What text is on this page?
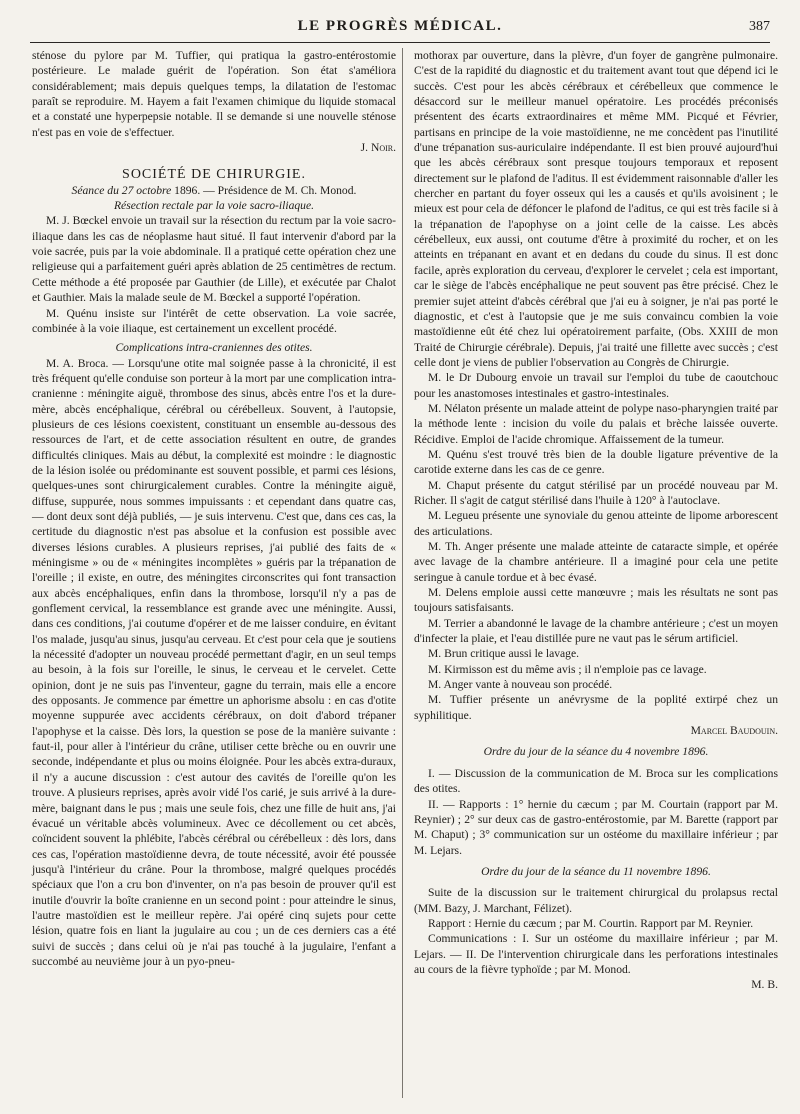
LE PROGRÈS MÉDICAL.	387

sténose du pylore par M. Tuffier, qui pratiqua la gastro-entérostomie postérieure. Le malade guérit de l'opération. Son état s'améliora considérablement; mais depuis quelques temps, la dilatation de l'estomac paraît se reproduire. M. Hayem a fait l'examen chimique du liquide stomacal et a constaté une hyperpepsie notable. Il se demande si une nouvelle sténose n'est pas en voie de s'effectuer.

J. Noir.

SOCIÉTÉ DE CHIRURGIE.

Séance du 27 octobre 1896. — Présidence de M. Ch. Monod.

Résection rectale par la voie sacro-iliaque.

M. J. Bœckel envoie un travail sur la résection du rectum par la voie sacro-iliaque dans les cas de néoplasme haut situé. Il faut intervenir d'abord par la voie sacrée, puis par la voie abdominale. Il a pratiqué cette opération chez une religieuse qui a parfaitement guéri après ablation de 25 centimètres de rectum. Cette méthode a été proposée par Gauthier (de Lille), et exécutée par Chalot et Gauthier. Mais la malade seule de M. Bœckel a supporté l'opération.

M. Quénu insiste sur l'intérêt de cette observation. La voie sacrée, combinée à la voie iliaque, est certainement un excellent procédé.

Complications intra-craniennes des otites.

M. A. Broca. — Lorsqu'une otite mal soignée passe à la chronicité, il est très fréquent qu'elle conduise son porteur à la mort par une complication intra-cranienne : méningite aiguë, thrombose des sinus, abcès entre l'os et la dure-mère, abcès encéphalique, cérébral ou cérébelleux. Souvent, à l'autopsie, plusieurs de ces lésions coexistent, constituant un ensemble au-dessous des ressources de l'art, et de cette association résultent en outre, de grandes difficultés cliniques. Mais au début, la complexité est moindre : le diagnostic de la lésion isolée ou prédominante est souvent possible, et parmi ces lésions, quelques-unes sont chirurgicalement curables. Contre la méningite aiguë, diffuse, suppurée, nous sommes impuissants : et cependant dans quatre cas, — dont deux sont déjà publiés, — je suis intervenu. C'est que, dans ces cas, la certitude du diagnostic n'est pas absolue et la confusion est possible avec diverses lésions curables. A plusieurs reprises, j'ai publié des faits de « méningisme » ou de « méningites incomplètes » guéris par la trépanation de l'oreille ; il existe, en outre, des méningites circonscrites qui font transaction aux abcès encéphaliques, enfin dans la thrombose, lorsqu'il n'y a pas de gonflement cervical, la ressemblance est grande avec une méningite. Aussi, dans ces conditions, j'ai coutume d'opérer et de me laisser conduire, en évitant l'os malade, jusqu'au sinus, jusqu'au cerveau. Et c'est pour cela que je soutiens la nécessité d'adopter un nouveau procédé permettant d'agir, en un seul temps au besoin, à la fois sur l'oreille, le sinus, le cerveau et le cervelet. Cette opinion, dont je ne suis pas l'inventeur, gagne du terrain, mais elle a encore des opposants. Je commence par émettre un aphorisme absolu : en cas d'otite moyenne suppurée avec accidents cérébraux, on doit d'abord trépaner l'apophyse et la caisse. Dès lors, la question se pose de la manière suivante : faut-il, pour aller à l'intérieur du crâne, utiliser cette brèche ou en ouvrir une seconde, indépendante et plus ou moins éloignée. Pour les abcès extra-duraux, il n'y a aucune discussion : c'est autour des cavités de l'oreille qu'on les trouve. A plusieurs reprises, après avoir vidé l'os carié, je suis arrivé à la dure-mère, baignant dans le pus ; mais une seule fois, chez une fille de huit ans, j'ai évacué un véritable abcès volumineux. Avec ce décollement ou cet abcès, coïncident souvent la phlébite, l'abcès cérébral ou cérébelleux : dès lors, dans ces cas, l'opération mastoïdienne devra, de toute nécessité, avoir été poussée jusqu'à l'intérieur du crâne. Pour la thrombose, malgré quelques procédés spéciaux que l'on a cru bon d'inventer, on n'a pas besoin de prouver qu'il est inutile d'ouvrir la boîte cranienne en un second point : pour atteindre le sinus, l'autre mastoïdien est le meilleur repère. J'ai opéré cinq sujets pour cette lésion, quatre fois en liant la jugulaire au cou ; un de ces derniers cas a été suivi de succès ; dans celui où je n'ai pas touché à la jugulaire, l'enfant a succombé au neuvième jour à un pyo-pneu-

mothorax par ouverture, dans la plèvre, d'un foyer de gangrène pulmonaire. C'est de la rapidité du diagnostic et du traitement avant tout que dépend ici le succès. C'est pour les abcès cérébraux et cérébelleux que commence le désaccord sur le meilleur manuel opératoire. Les procédés préconisés présentent des écarts extraordinaires et même MM. Picqué et Février, partisans en principe de la voie mastoïdienne, ne me concèdent pas l'inutilité d'une trépanation sus-auriculaire indépendante. Il est bien prouvé aujourd'hui que les abcès cérébraux sont presque toujours temporaux et reposent directement sur le plafond de l'aditus. Il est évidemment raisonnable d'aller les chercher en partant du foyer osseux qui les a causés et qu'ils avoisinent ; le mieux est pour cela de défoncer le plafond de l'aditus, ce qui est très facile si à la trépanation de l'apophyse on a joint celle de la caisse. Les abcès cérébelleux, eux aussi, ont coutume d'être à proximité du rocher, et on les atteints en trépanant en avant et en dedans du coude du sinus. Il est donc facile, après exploration du cerveau, d'explorer le cervelet ; cela est important, car le siège de l'abcès encéphalique ne peut souvent pas être précisé. Chez le premier sujet atteint d'abcès cérébral que j'ai eu à soigner, je n'ai pas porté le diagnostic, et c'est à l'autopsie que je me suis convaincu combien la voie mastoïdienne eût été chez lui opératoirement parfaite, (Obs. XXIII de mon Traité de Chirurgie cérébrale). Depuis, j'ai traité une fillette avec succès ; c'est celle dont je viens de publier l'observation au Congrès de Chirurgie.

M. le Dr Dubourg envoie un travail sur l'emploi du tube de caoutchouc pour les anastomoses intestinales et gastro-intestinales.

M. Nélaton présente un malade atteint de polype naso-pharyngien traité par la méthode lente : incision du voile du palais et brèche laissée ouverte. Récidive. Emploi de l'acide chromique. Affaissement de la tumeur.

M. Quénu s'est trouvé très bien de la double ligature préventive de la carotide externe dans les cas de ce genre.

M. Chaput présente du catgut stérilisé par un procédé nouveau par M. Richer. Il s'agit de catgut stérilisé dans l'huile à 120° à l'autoclave.

M. Legueu présente une synoviale du genou atteinte de lipome arborescent des articulations.

M. Th. Anger présente une malade atteinte de cataracte simple, et opérée avec lavage de la chambre antérieure. Il a imaginé pour cela une petite seringue à canule tordue et à bec évasé.

M. Delens emploie aussi cette manœuvre ; mais les résultats ne sont pas toujours satisfaisants.

M. Terrier a abandonné le lavage de la chambre antérieure ; c'est un moyen d'infecter la plaie, et l'eau distillée pure ne vaut pas le sérum artificiel.

M. Brun critique aussi le lavage.

M. Kirmisson est du même avis ; il n'emploie pas ce lavage.

M. Anger vante à nouveau son procédé.

M. Tuffier présente un anévrysme de la poplité extirpé chez un syphilitique.

Marcel Baudouin.

Ordre du jour de la séance du 4 novembre 1896.

I. — Discussion de la communication de M. Broca sur les complications des otites.

II. — Rapports : 1° hernie du cæcum ; par M. Courtain (rapport par M. Reynier) ; 2° sur deux cas de gastro-entérostomie, par M. Barette (rapport par M. Chaput) ; 3° communication sur un ostéome du maxillaire inférieur ; par M. Lejars.

Ordre du jour de la séance du 11 novembre 1896.

Suite de la discussion sur le traitement chirurgical du prolapsus rectal (MM. Bazy, J. Marchant, Félizet).

Rapport : Hernie du cæcum ; par M. Courtin. Rapport par M. Reynier.

Communications : I. Sur un ostéome du maxillaire inférieur ; par M. Lejars. — II. De l'intervention chirurgicale dans les perforations intestinales au cours de la fièvre typhoïde ; par M. Monod.

M. B.
